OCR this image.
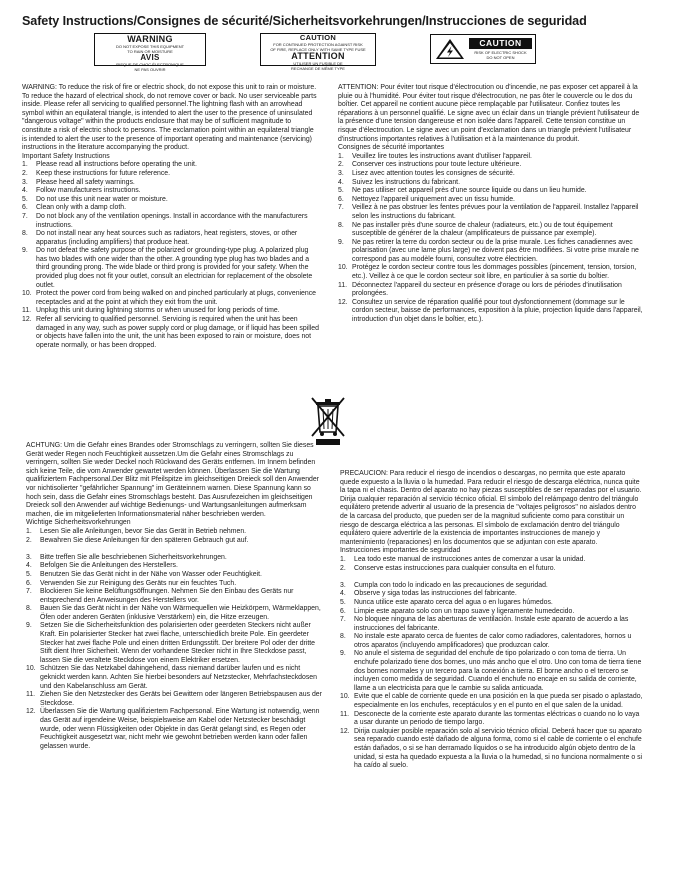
Safety Instructions/Consignes de sécurité/Sicherheitsvorkehrungen/Instrucciones de seguridad
WARNING
DO NOT EXPOSE THIS EQUIPMENT
TO RAIN OR MOISTURE
AVIS
RISQUE DE CHOC ÉLECTRONIQUE
NE PAS OUVRIR
CAUTION
FOR CONTINUED PROTECTION AGAINST RISK
OF FIRE, REPLACE ONLY WITH SAME TYPE FUSE
ATTENTION
UTILISER UN FUSIBLE DE
RECHANGE DE MÊME TYPE
CAUTION
RISK OF ELECTRIC SHOCK
DO NOT OPEN

WARNING: To reduce the risk of fire or electric shock, do not expose this unit to rain or moisture. To reduce the hazard of electrical shock, do not remove cover or back. No user serviceable parts inside. Please refer all servicing to qualified personnel.The lightning flash with an arrowhead symbol within an equilateral triangle, is intended to alert the user to the presence of uninsulated "dangerous voltage" within the products enclosure that may be of sufficient magnitude to constitute a risk of electric shock to persons. The exclamation point within an equilateral triangle is intended to alert the user to the presence of important operating and maintenance (servicing) instructions in the literature accompanying the product.

Important Safety Instructions

1. Please read all instructions before operating the unit.
2. Keep these instructions for future reference.
3. Please heed all safety warnings.
4. Follow manufacturers instructions.
5. Do not use this unit near water or moisture.
6. Clean only with a damp cloth.
7. Do not block any of the ventilation openings. Install in accordance with the manufacturers instructions.
8. Do not install near any heat sources such as radiators, heat registers, stoves, or other apparatus (including amplifiers) that produce heat.
9. Do not defeat the safety purpose of the polarized or grounding-type plug. A polarized plug has two blades with one wider than the other. A grounding type plug has two blades and a third grounding prong. The wide blade or third prong is provided for your safety. When the provided plug does not fit your outlet, consult an electrician for replacement of the obsolete outlet.
10. Protect the power cord from being walked on and pinched particularly at plugs, convenience receptacles and at the point at which they exit from the unit.
11. Unplug this unit during lightning storms or when unused for long periods of time.
12. Refer all servicing to qualified personnel. Servicing is required when the unit has been damaged in any way, such as power supply cord or plug damage, or if liquid has been spilled or objects have fallen into the unit, the unit has been exposed to rain or moisture, does not operate normally, or has been dropped.

ATTENTION: Pour éviter tout risque d'électrocution ou d'incendie, ne pas exposer cet appareil à la pluie ou à l'humidité. Pour éviter tout risque d'électrocution, ne pas ôter le couvercle ou le dos du boîtier. Cet appareil ne contient aucune pièce remplaçable par l'utilisateur. Confiez toutes les réparations à un personnel qualifié. Le signe avec un éclair dans un triangle prévient l'utilisateur de la présence d'une tension dangereuse et non isolée dans l'appareil. Cette tension constitue un risque d'électrocution. Le signe avec un point d'exclamation dans un triangle prévient l'utilisateur d'instructions importantes relatives à l'utilisation et à la maintenance du produit.

Consignes de sécurité importantes

1. Veuillez lire toutes les instructions avant d'utiliser l'appareil.
2. Conserver ces instructions pour toute lecture ultérieure.
3. Lisez avec attention toutes les consignes de sécurité.
4. Suivez les instructions du fabricant.
5. Ne pas utiliser cet appareil près d'une source liquide ou dans un lieu humide.
6. Nettoyez l'appareil uniquement avec un tissu humide.
7. Veillez à ne pas obstruer les fentes prévues pour la ventilation de l'appareil. Installez l'appareil selon les instructions du fabricant.
8. Ne pas installer près d'une source de chaleur (radiateurs, etc.) ou de tout équipement susceptible de générer de la chaleur (amplificateurs de puissance par exemple).
9. Ne pas retirer la terre du cordon secteur ou de la prise murale. Les fiches canadiennes avec polarisation (avec une lame plus large) ne doivent pas être modifiées. Si votre prise murale ne correspond pas au modèle fourni, consultez votre électricien.
10. Protégez le cordon secteur contre tous les dommages possibles (pincement, tension, torsion, etc.). Veillez à ce que le cordon secteur soit libre, en particulier à sa sortie du boîtier.
11. Déconnectez l'appareil du secteur en présence d'orage ou lors de périodes d'inutilisation prolongées.
12. Consultez un service de réparation qualifié pour tout dysfonctionnement (dommage sur le cordon secteur, baisse de performances, exposition à la pluie, projection liquide dans l'appareil, introduction d'un objet dans le boîtier, etc.).

ACHTUNG: Um die Gefahr eines Brandes oder Stromschlags zu verringern, sollten Sie dieses Gerät weder Regen noch Feuchtigkeit aussetzen.Um die Gefahr eines Stromschlags zu verringern, sollten Sie weder Deckel noch Rückwand des Geräts entfernen. Im Innern befinden sich keine Teile, die vom Anwender gewartet werden können. Überlassen Sie die Wartung qualifiziertem Fachpersonal.Der Blitz mit Pfeilspitze im gleichseitigen Dreieck soll den Anwender vor nichtisolierter "gefährlicher Spannung" im Geräteinnern warnen. Diese Spannung kann so hoch sein, dass die Gefahr eines Stromschlags besteht. Das Ausrufezeichen im gleichseitigen Dreieck soll den Anwender auf wichtige Bedienungs- und Wartungsanleitungen aufmerksam machen, die im mitgelieferten Informationsmaterial näher beschrieben werden.

Wichtige Sicherheitsvorkehrungen

1. Lesen Sie alle Anleitungen, bevor Sie das Gerät in Betrieb nehmen.
2. Bewahren Sie diese Anleitungen für den späteren Gebrauch gut auf.
3. Bitte treffen Sie alle beschriebenen Sicherheitsvorkehrungen.
4. Befolgen Sie die Anleitungen des Herstellers.
5. Benutzen Sie das Gerät nicht in der Nähe von Wasser oder Feuchtigkeit.
6. Verwenden Sie zur Reinigung des Geräts nur ein feuchtes Tuch.
7. Blockieren Sie keine Belüftungsöffnungen. Nehmen Sie den Einbau des Geräts nur entsprechend den Anweisungen des Herstellers vor.
8. Bauen Sie das Gerät nicht in der Nähe von Wärmequellen wie Heizkörpern, Wärmeklappen, Öfen oder anderen Geräten (inklusive Verstärkern) ein, die Hitze erzeugen.
9. Setzen Sie die Sicherheitsfunktion des polarisierten oder geerdeten Steckers nicht außer Kraft. Ein polarisierter Stecker hat zwei flache, unterschiedlich breite Pole. Ein geerdeter Stecker hat zwei flache Pole und einen dritten Erdungsstift. Der breitere Pol oder der dritte Stift dient Ihrer Sicherheit. Wenn der vorhandene Stecker nicht in Ihre Steckdose passt, lassen Sie die veraltete Steckdose von einem Elektriker ersetzen.
10. Schützen Sie das Netzkabel dahingehend, dass niemand darüber laufen und es nicht geknickt werden kann. Achten Sie hierbei besonders auf Netzstecker, Mehrfachsteckdosen und den Kabelanschluss am Gerät.
11. Ziehen Sie den Netzstecker des Geräts bei Gewittern oder längeren Betriebspausen aus der Steckdose.
12. Überlassen Sie die Wartung qualifiziertem Fachpersonal. Eine Wartung ist notwendig, wenn das Gerät auf irgendeine Weise, beispielsweise am Kabel oder Netzstecker beschädigt wurde, oder wenn Flüssigkeiten oder Objekte in das Gerät gelangt sind, es Regen oder Feuchtigkeit ausgesetzt war, nicht mehr wie gewohnt betrieben werden kann oder fallen gelassen wurde.

PRECAUCION: Para reducir el riesgo de incendios o descargas, no permita que este aparato quede expuesto a la lluvia o la humedad. Para reducir el riesgo de descarga eléctrica, nunca quite la tapa ni el chasis. Dentro del aparato no hay piezas susceptibles de ser reparadas por el usuario. Dirija cualquier reparación al servicio técnico oficial. El símbolo del relámpago dentro del triángulo equilátero pretende advertir al usuario de la presencia de "voltajes peligrosos" no aislados dentro de la carcasa del producto, que pueden ser de la magnitud suficiente como para constituir un riesgo de descarga eléctrica a las personas. El símbolo de exclamación dentro del triángulo equilátero quiere advertirle de la existencia de importantes instrucciones de manejo y mantenimiento (reparaciones) en los documentos que se adjuntan con este aparato.

Instrucciones importantes de seguridad

1. Lea todo este manual de instrucciones antes de comenzar a usar la unidad.
2. Conserve estas instrucciones para cualquier consulta en el futuro.
3. Cumpla con todo lo indicado en las precauciones de seguridad.
4. Observe y siga todas las instrucciones del fabricante.
5. Nunca utilice este aparato cerca del agua o en lugares húmedos.
6. Limpie este aparato solo con un trapo suave y ligeramente humedecido.
7. No bloquee ninguna de las aberturas de ventilación. Instale este aparato de acuerdo a las instrucciones del fabricante.
8. No instale este aparato cerca de fuentes de calor como radiadores, calentadores, hornos u otros aparatos (incluyendo amplificadores) que produzcan calor.
9. No anule el sistema de seguridad del enchufe de tipo polarizado o con toma de tierra. Un enchufe polarizado tiene dos bornes, uno más ancho que el otro. Uno con toma de tierra tiene dos bornes normales y un tercero para la conexión a tierra. El borne ancho o el tercero se incluyen como medida de seguridad. Cuando el enchufe no encaje en su salida de corriente, llame a un electricista para que le cambie su salida anticuada.
10. Evite que el cable de corriente quede en una posición en la que pueda ser pisado o aplastado, especialmente en los enchufes, receptáculos y en el punto en el que salen de la unidad.
11. Desconecte de la corriente este aparato durante las tormentas eléctricas o cuando no lo vaya a usar durante un periodo de tiempo largo.
12. Dirija cualquier posible reparación solo al servicio técnico oficial. Deberá hacer que su aparato sea reparado cuando esté dañado de alguna forma, como si el cable de corriente o el enchufe están dañados, o si se han derramado líquidos o se ha introducido algún objeto dentro de la unidad, si esta ha quedado expuesta a la lluvia o la humedad, si no funciona normalmente o si ha caído al suelo.
